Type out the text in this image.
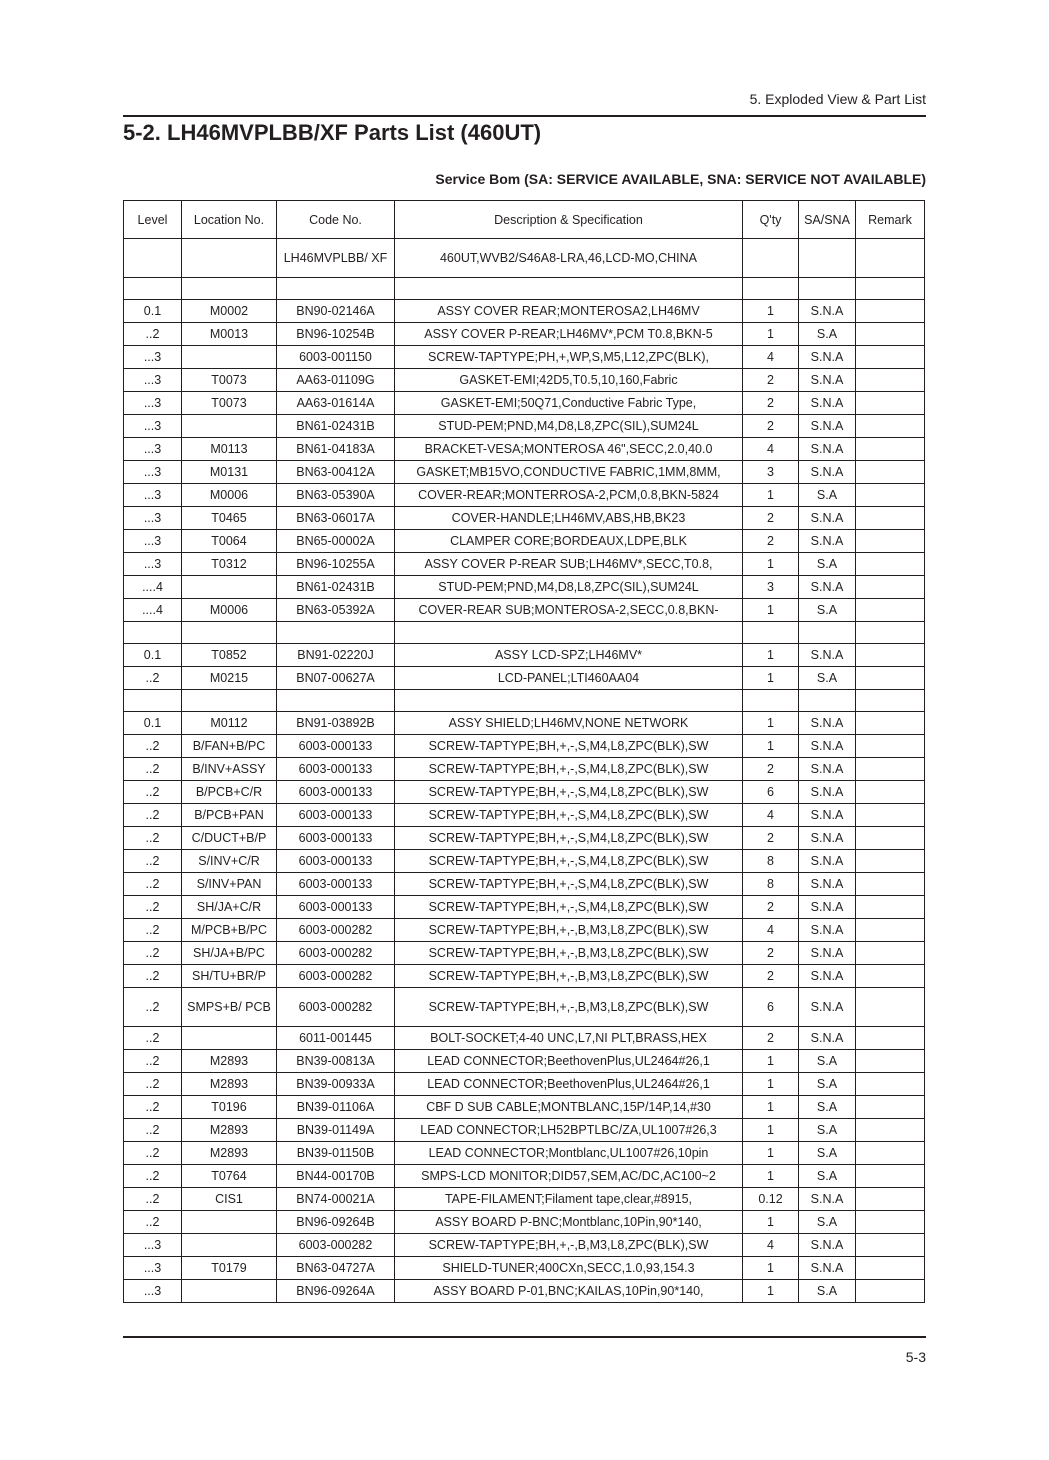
5. Exploded View & Part List
5-2. LH46MVPLBB/XF Parts List (460UT)
Service Bom (SA: SERVICE AVAILABLE, SNA: SERVICE NOT AVAILABLE)
Level	Location No.	Code No.	Description & Specification	Q'ty	SA/SNA	Remark
		LH46MVPLBB/ XF	460UT,WVB2/S46A8-LRA,46,LCD-MO,CHINA			

0.1	M0002	BN90-02146A	ASSY COVER REAR;MONTEROSA2,LH46MV	1	S.N.A	
..2	M0013	BN96-10254B	ASSY COVER P-REAR;LH46MV*,PCM T0.8,BKN-5	1	S.A	
...3		6003-001150	SCREW-TAPTYPE;PH,+,WP,S,M5,L12,ZPC(BLK),	4	S.N.A	
...3	T0073	AA63-01109G	GASKET-EMI;42D5,T0.5,10,160,Fabric	2	S.N.A	
...3	T0073	AA63-01614A	GASKET-EMI;50Q71,Conductive Fabric Type,	2	S.N.A	
...3		BN61-02431B	STUD-PEM;PND,M4,D8,L8,ZPC(SIL),SUM24L	2	S.N.A	
...3	M0113	BN61-04183A	BRACKET-VESA;MONTEROSA 46",SECC,2.0,40.0	4	S.N.A	
...3	M0131	BN63-00412A	GASKET;MB15VO,CONDUCTIVE FABRIC,1MM,8MM,	3	S.N.A	
...3	M0006	BN63-05390A	COVER-REAR;MONTERROSA-2,PCM,0.8,BKN-5824	1	S.A	
...3	T0465	BN63-06017A	COVER-HANDLE;LH46MV,ABS,HB,BK23	2	S.N.A	
...3	T0064	BN65-00002A	CLAMPER CORE;BORDEAUX,LDPE,BLK	2	S.N.A	
...3	T0312	BN96-10255A	ASSY COVER P-REAR SUB;LH46MV*,SECC,T0.8,	1	S.A	
....4		BN61-02431B	STUD-PEM;PND,M4,D8,L8,ZPC(SIL),SUM24L	3	S.N.A	
....4	M0006	BN63-05392A	COVER-REAR SUB;MONTEROSA-2,SECC,0.8,BKN-	1	S.A	

0.1	T0852	BN91-02220J	ASSY LCD-SPZ;LH46MV*	1	S.N.A	
..2	M0215	BN07-00627A	LCD-PANEL;LTI460AA04	1	S.A	

0.1	M0112	BN91-03892B	ASSY SHIELD;LH46MV,NONE NETWORK	1	S.N.A	
..2	B/FAN+B/PC	6003-000133	SCREW-TAPTYPE;BH,+,-,S,M4,L8,ZPC(BLK),SW	1	S.N.A	
..2	B/INV+ASSY	6003-000133	SCREW-TAPTYPE;BH,+,-,S,M4,L8,ZPC(BLK),SW	2	S.N.A	
..2	B/PCB+C/R	6003-000133	SCREW-TAPTYPE;BH,+,-,S,M4,L8,ZPC(BLK),SW	6	S.N.A	
..2	B/PCB+PAN	6003-000133	SCREW-TAPTYPE;BH,+,-,S,M4,L8,ZPC(BLK),SW	4	S.N.A	
..2	C/DUCT+B/P	6003-000133	SCREW-TAPTYPE;BH,+,-,S,M4,L8,ZPC(BLK),SW	2	S.N.A	
..2	S/INV+C/R	6003-000133	SCREW-TAPTYPE;BH,+,-,S,M4,L8,ZPC(BLK),SW	8	S.N.A	
..2	S/INV+PAN	6003-000133	SCREW-TAPTYPE;BH,+,-,S,M4,L8,ZPC(BLK),SW	8	S.N.A	
..2	SH/JA+C/R	6003-000133	SCREW-TAPTYPE;BH,+,-,S,M4,L8,ZPC(BLK),SW	2	S.N.A	
..2	M/PCB+B/PC	6003-000282	SCREW-TAPTYPE;BH,+,-,B,M3,L8,ZPC(BLK),SW	4	S.N.A	
..2	SH/JA+B/PC	6003-000282	SCREW-TAPTYPE;BH,+,-,B,M3,L8,ZPC(BLK),SW	2	S.N.A	
..2	SH/TU+BR/P	6003-000282	SCREW-TAPTYPE;BH,+,-,B,M3,L8,ZPC(BLK),SW	2	S.N.A	
..2	SMPS+B/ PCB	6003-000282	SCREW-TAPTYPE;BH,+,-,B,M3,L8,ZPC(BLK),SW	6	S.N.A	
..2		6011-001445	BOLT-SOCKET;4-40 UNC,L7,NI PLT,BRASS,HEX	2	S.N.A	
..2	M2893	BN39-00813A	LEAD CONNECTOR;BeethovenPlus,UL2464#26,1	1	S.A	
..2	M2893	BN39-00933A	LEAD CONNECTOR;BeethovenPlus,UL2464#26,1	1	S.A	
..2	T0196	BN39-01106A	CBF D SUB CABLE;MONTBLANC,15P/14P,14,#30	1	S.A	
..2	M2893	BN39-01149A	LEAD CONNECTOR;LH52BPTLBC/ZA,UL1007#26,3	1	S.A	
..2	M2893	BN39-01150B	LEAD CONNECTOR;Montblanc,UL1007#26,10pin	1	S.A	
..2	T0764	BN44-00170B	SMPS-LCD MONITOR;DID57,SEM,AC/DC,AC100~2	1	S.A	
..2	CIS1	BN74-00021A	TAPE-FILAMENT;Filament tape,clear,#8915,	0.12	S.N.A	
..2		BN96-09264B	ASSY BOARD P-BNC;Montblanc,10Pin,90*140,	1	S.A	
...3		6003-000282	SCREW-TAPTYPE;BH,+,-,B,M3,L8,ZPC(BLK),SW	4	S.N.A	
...3	T0179	BN63-04727A	SHIELD-TUNER;400CXn,SECC,1.0,93,154.3	1	S.N.A	
...3		BN96-09264A	ASSY BOARD P-01,BNC;KAILAS,10Pin,90*140,	1	S.A	
5-3
